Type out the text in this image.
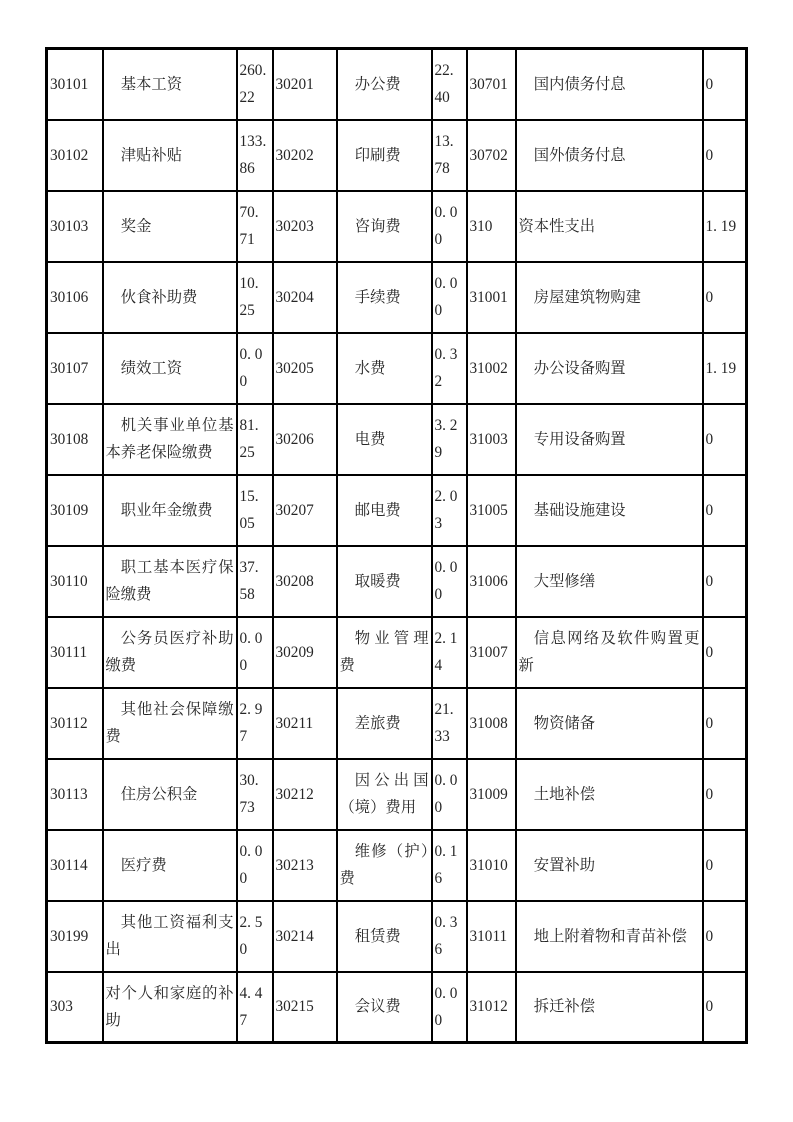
30101	基本工资	260. 22	30201	办公费	22. 40	30701	国内债务付息	0
30102	津贴补贴	133. 86	30202	印刷费	13. 78	30702	国外债务付息	0
30103	奖金	70. 71	30203	咨询费	0. 00	310	资本性支出	1. 19
30106	伙食补助费	10. 25	30204	手续费	0. 00	31001	房屋建筑物购建	0
30107	绩效工资	0. 00	30205	水费	0. 32	31002	办公设备购置	1. 19
30108	机关事业单位基本养老保险缴费	81. 25	30206	电费	3. 29	31003	专用设备购置	0
30109	职业年金缴费	15. 05	30207	邮电费	2. 03	31005	基础设施建设	0
30110	职工基本医疗保险缴费	37. 58	30208	取暖费	0. 00	31006	大型修缮	0
30111	公务员医疗补助缴费	0. 00	30209	物业管理费	2. 14	31007	信息网络及软件购置更新	0
30112	其他社会保障缴费	2. 97	30211	差旅费	21. 33	31008	物资储备	0
30113	住房公积金	30. 73	30212	因公出国（境）费用	0. 00	31009	土地补偿	0
30114	医疗费	0. 00	30213	维修（护）费	0. 16	31010	安置补助	0
30199	其他工资福利支出	2. 50	30214	租赁费	0. 36	31011	地上附着物和青苗补偿	0
303	对个人和家庭的补助	4. 47	30215	会议费	0. 00	31012	拆迁补偿	0
